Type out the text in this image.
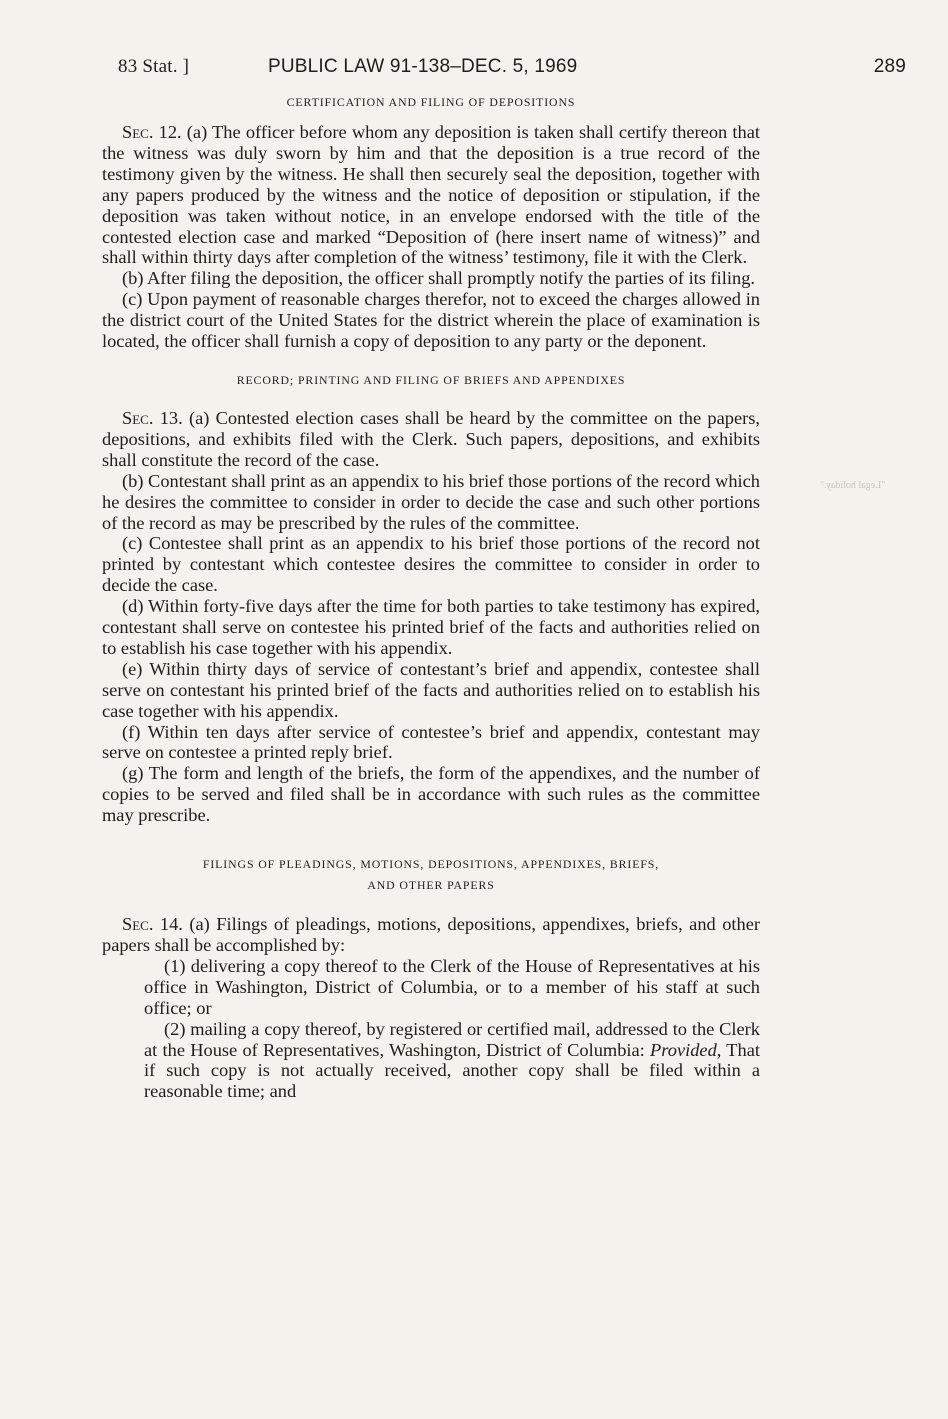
"Legal holiday."
83 Stat. ]	PUBLIC LAW 91-138–DEC. 5, 1969	289
CERTIFICATION AND FILING OF DEPOSITIONS

Sec. 12. (a) The officer before whom any deposition is taken shall certify thereon that the witness was duly sworn by him and that the deposition is a true record of the testimony given by the witness. He shall then securely seal the deposition, together with any papers produced by the witness and the notice of deposition or stipulation, if the deposition was taken without notice, in an envelope endorsed with the title of the contested election case and marked “Deposition of (here insert name of witness)” and shall within thirty days after completion of the witness’ testimony, file it with the Clerk.

(b) After filing the deposition, the officer shall promptly notify the parties of its filing.

(c) Upon payment of reasonable charges therefor, not to exceed the charges allowed in the district court of the United States for the district wherein the place of examination is located, the officer shall furnish a copy of deposition to any party or the deponent.

RECORD; PRINTING AND FILING OF BRIEFS AND APPENDIXES

Sec. 13. (a) Contested election cases shall be heard by the committee on the papers, depositions, and exhibits filed with the Clerk. Such papers, depositions, and exhibits shall constitute the record of the case.

(b) Contestant shall print as an appendix to his brief those portions of the record which he desires the committee to consider in order to decide the case and such other portions of the record as may be prescribed by the rules of the committee.

(c) Contestee shall print as an appendix to his brief those portions of the record not printed by contestant which contestee desires the committee to consider in order to decide the case.

(d) Within forty-five days after the time for both parties to take testimony has expired, contestant shall serve on contestee his printed brief of the facts and authorities relied on to establish his case together with his appendix.

(e) Within thirty days of service of contestant’s brief and appendix, contestee shall serve on contestant his printed brief of the facts and authorities relied on to establish his case together with his appendix.

(f) Within ten days after service of contestee’s brief and appendix, contestant may serve on contestee a printed reply brief.

(g) The form and length of the briefs, the form of the appendixes, and the number of copies to be served and filed shall be in accordance with such rules as the committee may prescribe.

FILINGS OF PLEADINGS, MOTIONS, DEPOSITIONS, APPENDIXES, BRIEFS,
AND OTHER PAPERS

Sec. 14. (a) Filings of pleadings, motions, depositions, appendixes, briefs, and other papers shall be accomplished by:

(1) delivering a copy thereof to the Clerk of the House of Representatives at his office in Washington, District of Columbia, or to a member of his staff at such office; or

(2) mailing a copy thereof, by registered or certified mail, addressed to the Clerk at the House of Representatives, Washington, District of Columbia: Provided, That if such copy is not actually received, another copy shall be filed within a reasonable time; and
